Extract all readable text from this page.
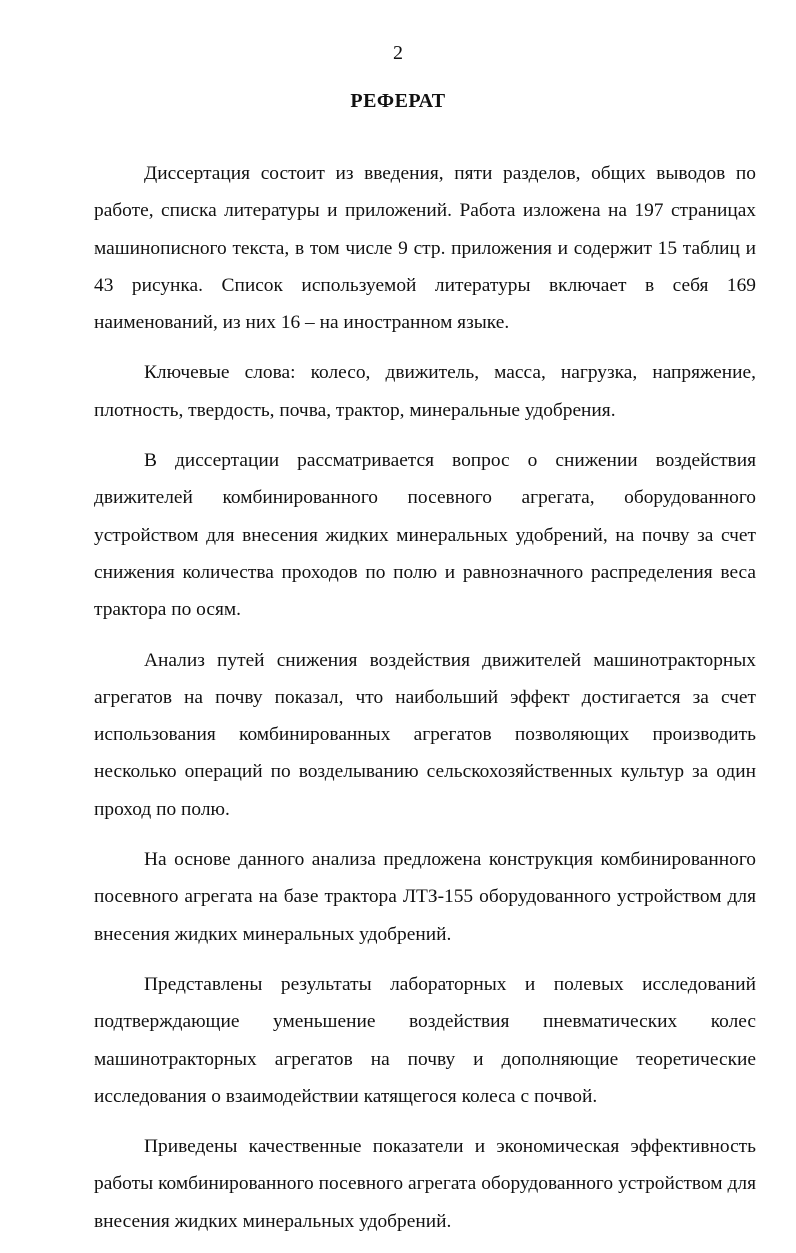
2
РЕФЕРАТ

Диссертация состоит из введения, пяти разделов, общих выводов по работе, списка литературы и приложений. Работа изложена на 197 страницах машинописного текста, в том числе 9 стр. приложения и содержит 15 таблиц и 43 рисунка. Список используемой литературы включает в себя 169 наименований, из них 16 – на иностранном языке.

Ключевые слова: колесо, движитель, масса, нагрузка, напряжение, плотность, твердость, почва, трактор, минеральные удобрения.

В диссертации рассматривается вопрос о снижении воздействия движителей комбинированного посевного агрегата, оборудованного устройством для внесения жидких минеральных удобрений, на почву за счет снижения количества проходов по полю и равнозначного распределения веса трактора по осям.

Анализ путей снижения воздействия движителей машинотракторных агрегатов на почву показал, что наибольший эффект достигается за счет использования комбинированных агрегатов позволяющих производить несколько операций по возделыванию сельскохозяйственных культур за один проход по полю.

На основе данного анализа предложена конструкция комбинированного посевного агрегата на базе трактора ЛТЗ-155 оборудованного устройством для внесения жидких минеральных удобрений.

Представлены результаты лабораторных и полевых исследований подтверждающие уменьшение воздействия пневматических колес машинотракторных агрегатов на почву и дополняющие теоретические исследования о взаимодействии катящегося колеса с почвой.

Приведены качественные показатели и экономическая эффективность работы комбинированного посевного агрегата оборудованного устройством для внесения жидких минеральных удобрений.
